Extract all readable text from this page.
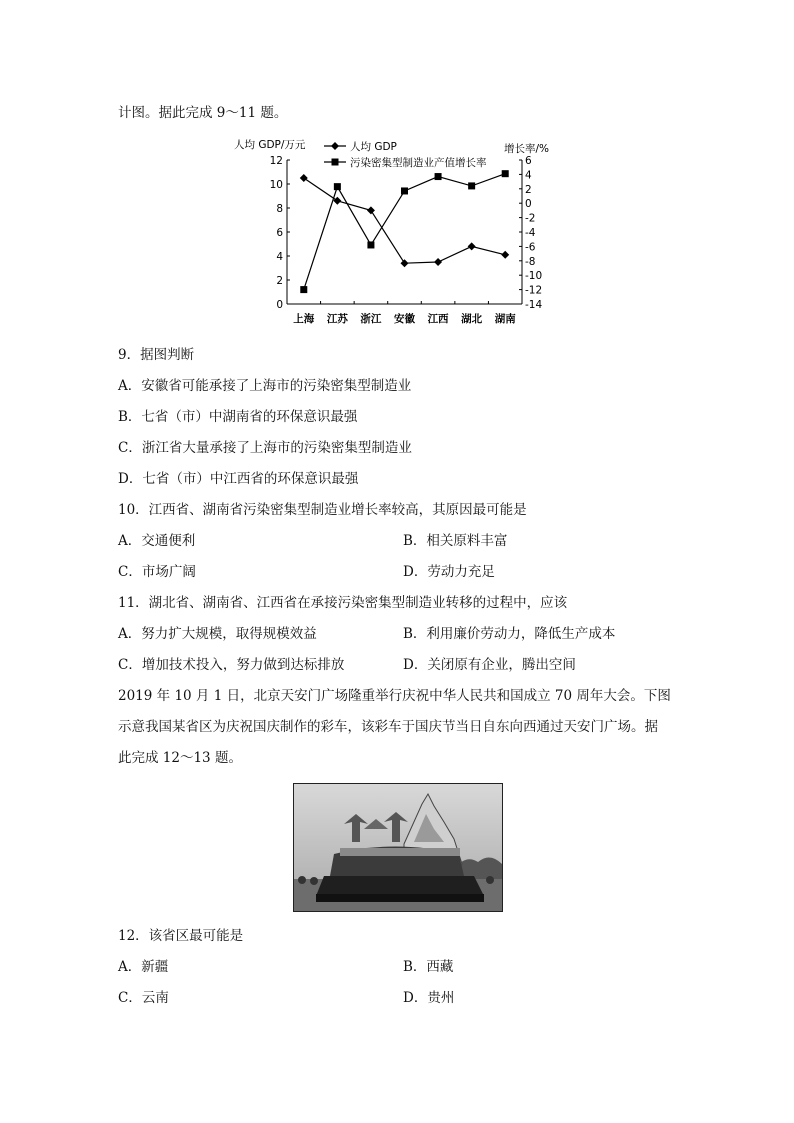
计图。据此完成 9～11 题。
人均 GDP/万元	增长率/%
0
2
4
6
8
10
12
-14
-12
-10
-8
-6
-4
-2
0
2
4
6
上海 江苏 浙江 安徽 江西 湖北 湖南
人均 GDP
污染密集型制造业产值增长率
9．据图判断
A．安徽省可能承接了上海市的污染密集型制造业
B．七省（市）中湖南省的环保意识最强
C．浙江省大量承接了上海市的污染密集型制造业
D．七省（市）中江西省的环保意识最强
10．江西省、湖南省污染密集型制造业增长率较高，其原因最可能是
A．交通便利	B．相关原料丰富
C．市场广阔	D．劳动力充足
11．湖北省、湖南省、江西省在承接污染密集型制造业转移的过程中，应该
A．努力扩大规模，取得规模效益	B．利用廉价劳动力，降低生产成本
C．增加技术投入，努力做到达标排放	D．关闭原有企业，腾出空间
2019 年 10 月 1 日，北京天安门广场隆重举行庆祝中华人民共和国成立 70 周年大会。下图
示意我国某省区为庆祝国庆制作的彩车，该彩车于国庆节当日自东向西通过天安门广场。据
此完成 12～13 题。
12．该省区最可能是
A．新疆	B．西藏
C．云南	D．贵州
